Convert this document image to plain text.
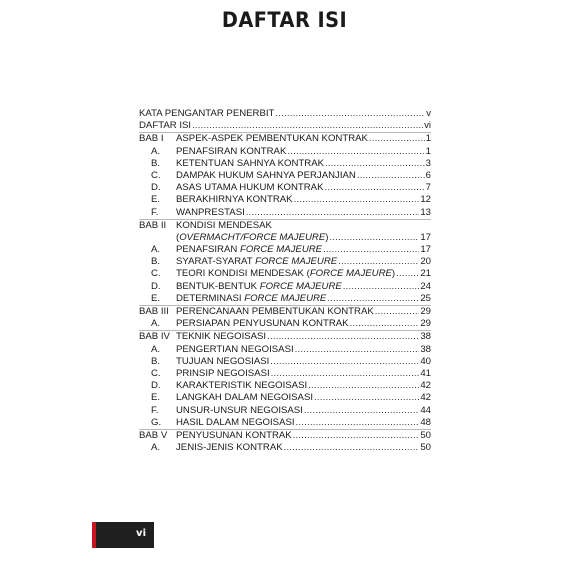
DAFTAR ISI
KATA PENGANTAR PENERBIT .....	v
DAFTAR ISI .....	vi
BAB I ASPEK-ASPEK PEMBENTUKAN KONTRAK .....	1
A.	PENAFSIRAN KONTRAK .....	1
B.	KETENTUAN SAHNYA KONTRAK .....	3
C. DAMPAK HUKUM SAHNYA PERJANJIAN .....	6
D. ASAS UTAMA HUKUM KONTRAK .....	7
E.	BERAKHIRNYA KONTRAK .....	12
F.	WANPRESTASI .....	13
BAB II KONDISI MENDESAK
(OVERMACHT/FORCE MAJEURE) .....	17
A.	PENAFSIRAN FORCE MAJEURE .....	17
B.	SYARAT-SYARAT FORCE MAJEURE .....	20
C. TEORI KONDISI MENDESAK (FORCE MAJEURE) .....	21
D. BENTUK-BENTUK FORCE MAJEURE .....	24
E.	DETERMINASI FORCE MAJEURE .....	25
BAB III PERENCANAAN PEMBENTUKAN KONTRAK .....	29
A.	PERSIAPAN PENYUSUNAN KONTRAK .....	29
BAB IV TEKNIK NEGOISASI .....	38
A.	PENGERTIAN NEGOISASI .....	38
B.	TUJUAN NEGOSIASI .....	40
C. PRINSIP NEGOISASI .....	41
D. KARAKTERISTIK NEGOISASI .....	42
E.	LANGKAH DALAM NEGOISASI .....	42
F.	UNSUR-UNSUR NEGOISASI .....	44
G. HASIL DALAM NEGOISASI .....	48
BAB V PENYUSUNAN KONTRAK .....	50
A.	JENIS-JENIS KONTRAK .....	50
vi
